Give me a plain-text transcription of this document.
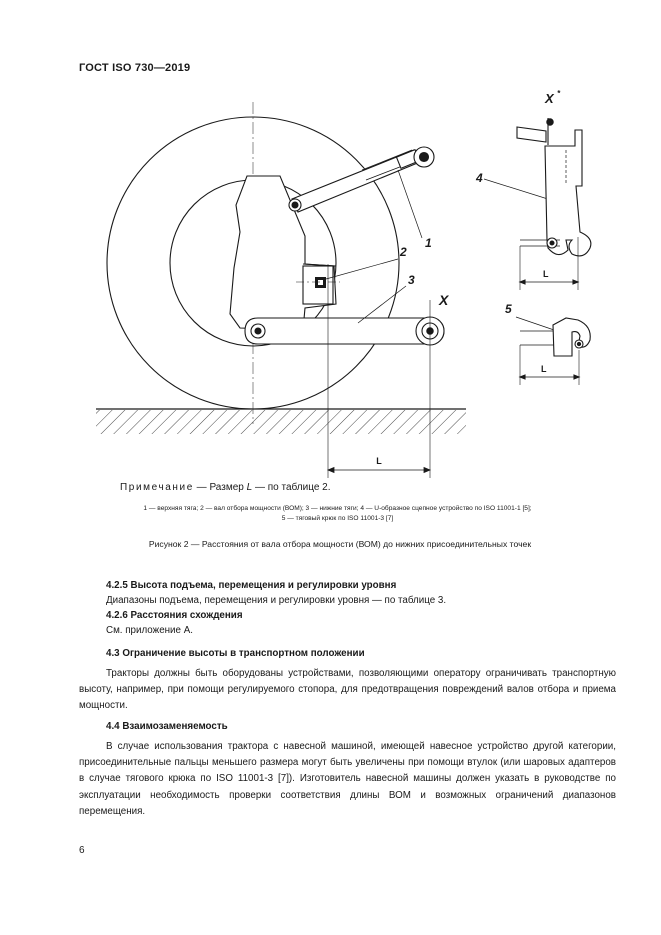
ГОСТ ISO 730—2019
L
1
2
3
4
5
X
X *
L
L
Примечание — Размер L — по таблице 2.
1 — верхняя тяга; 2 — вал отбора мощности (ВОМ); 3 — нижние тяги; 4 — U-образное сцепное устройство по ISO 11001-1 [5];
5 — тяговый крюк по ISO 11001-3 [7]
Рисунок 2 — Расстояния от вала отбора мощности (ВОМ) до нижних присоединительных точек
4.2.5 Высота подъема, перемещения и регулировки уровня
Диапазоны подъема, перемещения и регулировки уровня — по таблице 3.
4.2.6 Расстояния схождения
См. приложение А.
4.3 Ограничение высоты в транспортном положении
Тракторы должны быть оборудованы устройствами, позволяющими оператору ограничивать транспортную высоту, например, при помощи регулируемого стопора, для предотвращения повреждений валов отбора и приема мощности.
4.4 Взаимозаменяемость
В случае использования трактора с навесной машиной, имеющей навесное устройство другой категории, присоединительные пальцы меньшего размера могут быть увеличены при помощи втулок (или шаровых адаптеров в случае тягового крюка по ISO 11001-3 [7]). Изготовитель навесной машины должен указать в руководстве по эксплуатации необходимость проверки соответствия длины ВОМ и возможных ограничений диапазонов перемещения.
6
